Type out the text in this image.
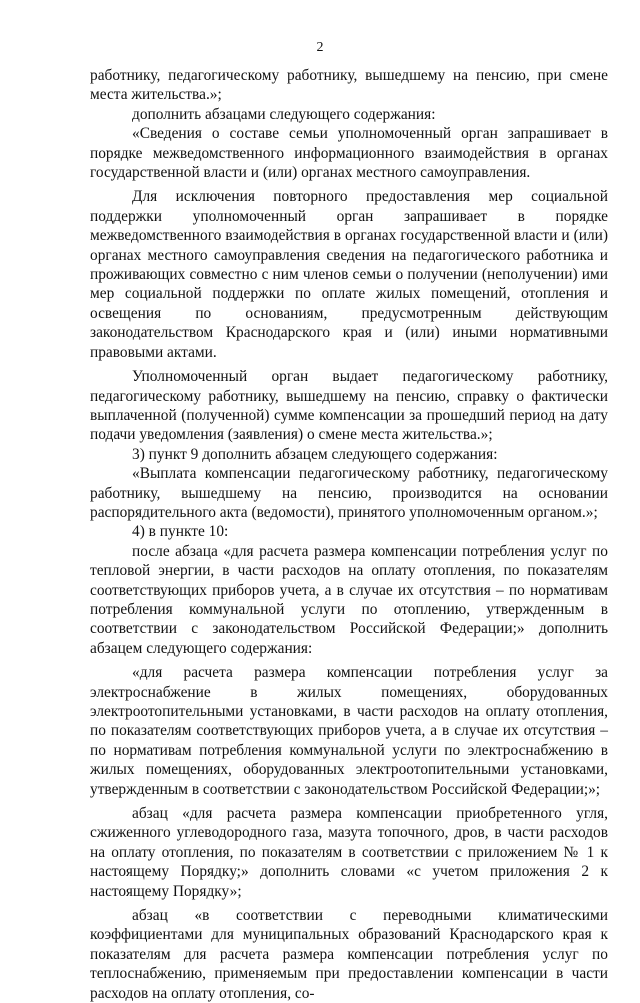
2

работнику, педагогическому работнику, вышедшему на пенсию, при смене места жительства.»;

дополнить абзацами следующего содержания:

«Сведения о составе семьи уполномоченный орган запрашивает в порядке межведомственного информационного взаимодействия в органах государственной власти и (или) органах местного самоуправления.

Для исключения повторного предоставления мер социальной поддержки уполномоченный орган запрашивает в порядке межведомственного взаимодействия в органах государственной власти и (или) органах местного самоуправления сведения на педагогического работника и проживающих совместно с ним членов семьи о получении (неполучении) ими мер социальной поддержки по оплате жилых помещений, отопления и освещения по основаниям, предусмотренным действующим законодательством Краснодарского края и (или) иными нормативными правовыми актами.

Уполномоченный орган выдает педагогическому работнику, педагогическому работнику, вышедшему на пенсию, справку о фактически выплаченной (полученной) сумме компенсации за прошедший период на дату подачи уведомления (заявления) о смене места жительства.»;

3) пункт 9 дополнить абзацем следующего содержания:

«Выплата компенсации педагогическому работнику, педагогическому работнику, вышедшему на пенсию, производится на основании распорядительного акта (ведомости), принятого уполномоченным органом.»;

4) в пункте 10:

после абзаца «для расчета размера компенсации потребления услуг по тепловой энергии, в части расходов на оплату отопления, по показателям соответствующих приборов учета, а в случае их отсутствия – по нормативам потребления коммунальной услуги по отоплению, утвержденным в соответствии с законодательством Российской Федерации;» дополнить абзацем следующего содержания:

«для расчета размера компенсации потребления услуг за электроснабжение в жилых помещениях, оборудованных электроотопительными установками, в части расходов на оплату отопления, по показателям соответствующих приборов учета, а в случае их отсутствия – по нормативам потребления коммунальной услуги по электроснабжению в жилых помещениях, оборудованных электроотопительными установками, утвержденным в соответствии с законодательством Российской Федерации;»;

абзац «для расчета размера компенсации приобретенного угля, сжиженного углеводородного газа, мазута топочного, дров, в части расходов на оплату отопления, по показателям в соответствии с приложением № 1 к настоящему Порядку;» дополнить словами «с учетом приложения 2 к настоящему Порядку»;

абзац «в соответствии с переводными климатическими коэффициентами для муниципальных образований Краснодарского края к показателям для расчета размера компенсации потребления услуг по теплоснабжению, применяемым при предоставлении компенсации в части расходов на оплату отопления, со-
